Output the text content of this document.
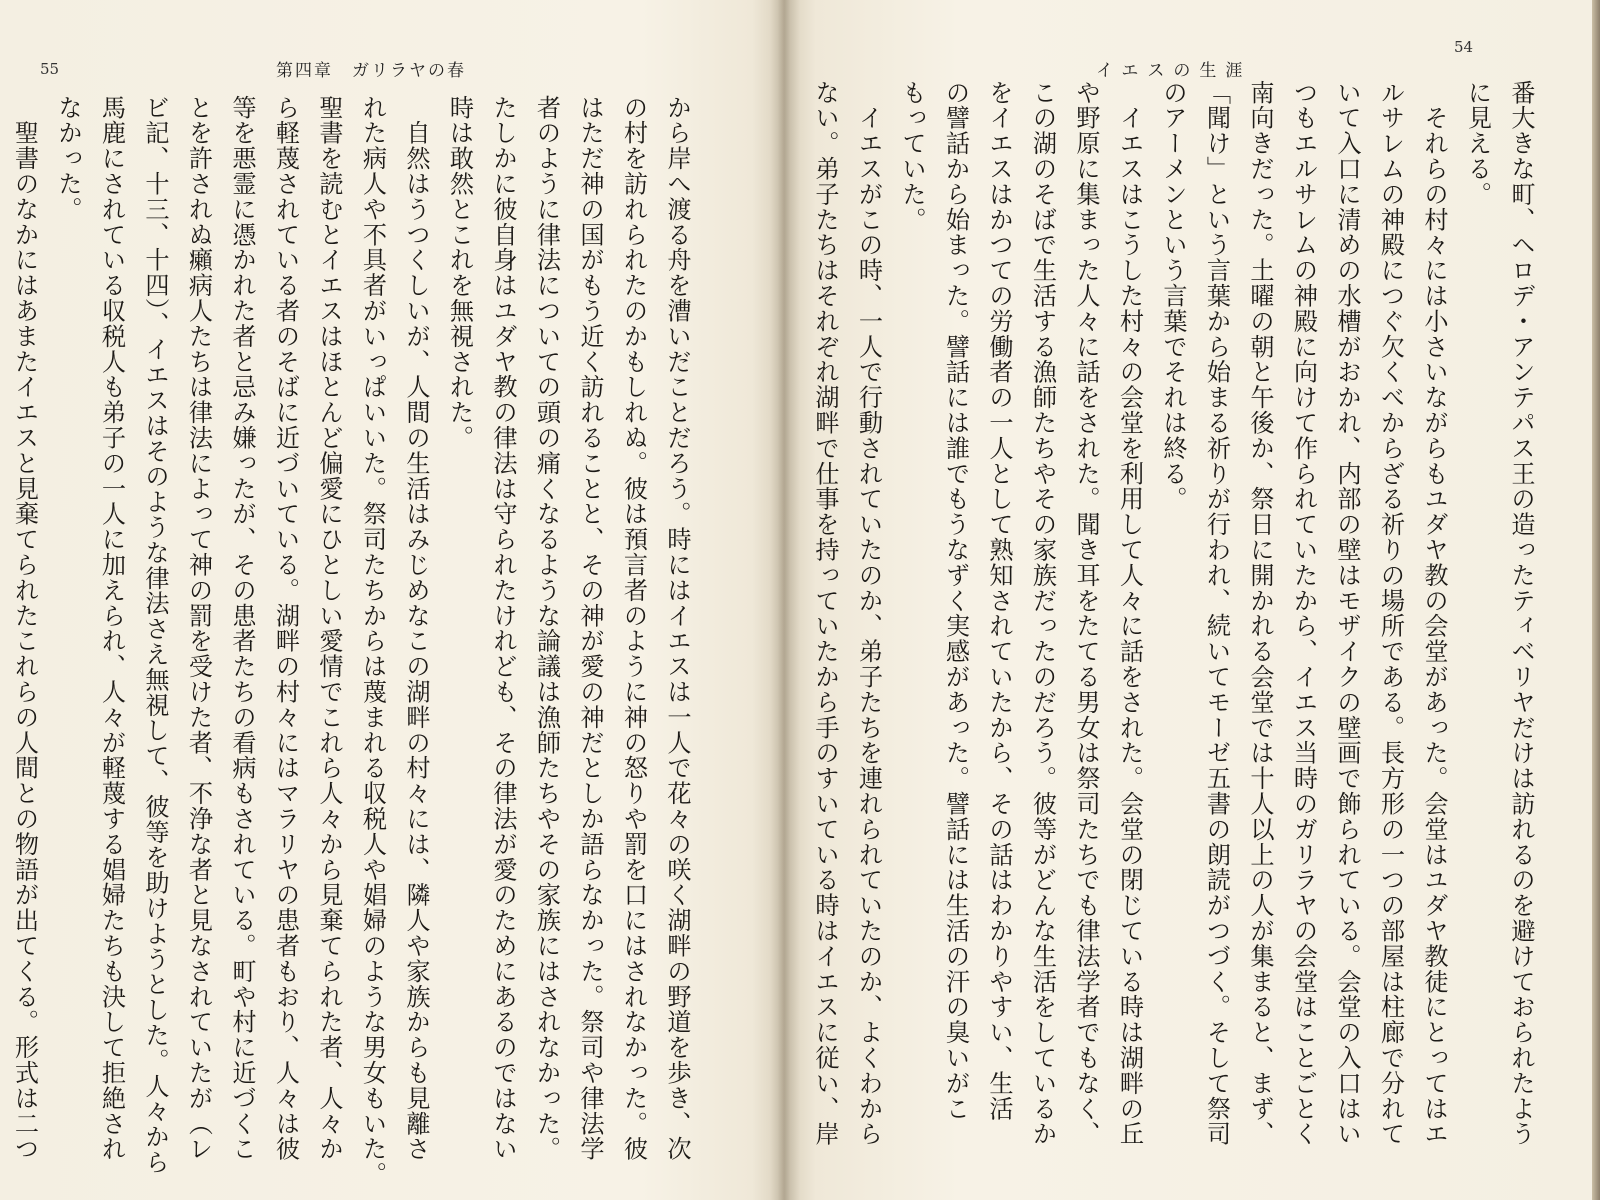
55	第四章　ガリラヤの春
から岸へ渡る舟を漕いだことだろう。時にはイエスは一人で花々の咲く湖畔の野道を歩き、次
の村を訪れられたのかもしれぬ。彼は預言者のように神の怒りや罰を口にはされなかった。彼
はただ神の国がもう近く訪れることと、その神が愛の神だとしか語らなかった。祭司や律法学
者のように律法についての頭の痛くなるような論議は漁師たちやその家族にはされなかった。
たしかに彼自身はユダヤ教の律法は守られたけれども、その律法が愛のためにあるのではない
時は敢然とこれを無視された。
　自然はうつくしいが、人間の生活はみじめなこの湖畔の村々には、隣人や家族からも見離さ
れた病人や不具者がいっぱいいた。祭司たちからは蔑まれる収税人や娼婦のような男女もいた。
聖書を読むとイエスはほとんど偏愛にひとしい愛情でこれら人々から見棄てられた者、人々か
ら軽蔑されている者のそばに近づいている。湖畔の村々にはマラリヤの患者もおり、人々は彼
等を悪霊に憑かれた者と忌み嫌ったが、その患者たちの看病もされている。町や村に近づくこ
とを許されぬ癩病人たちは律法によって神の罰を受けた者、不浄な者と見なされていたが（レ
ビ記、十三、十四）、イエスはそのような律法さえ無視して、彼等を助けようとした。人々から
馬鹿にされている収税人も弟子の一人に加えられ、人々が軽蔑する娼婦たちも決して拒絶され
なかった。
　聖書のなかにはあまたイエスと見棄てられたこれらの人間との物語が出てくる。形式は二つ
イエスの生涯
54
番大きな町、ヘロデ・アンテパス王の造ったティベリヤだけは訪れるのを避けておられたよう
に見える。
　それらの村々には小さいながらもユダヤ教の会堂があった。会堂はユダヤ教徒にとってはエ
ルサレムの神殿につぐ欠くべからざる祈りの場所である。長方形の一つの部屋は柱廊で分れて
いて入口に清めの水槽がおかれ、内部の壁はモザイクの壁画で飾られている。会堂の入口はい
つもエルサレムの神殿に向けて作られていたから、イエス当時のガリラヤの会堂はことごとく
南向きだった。土曜の朝と午後か、祭日に開かれる会堂では十人以上の人が集まると、まず、
「聞け」という言葉から始まる祈りが行われ、続いてモーゼ五書の朗読がつづく。そして祭司
のアーメンという言葉でそれは終る。
　イエスはこうした村々の会堂を利用して人々に話をされた。会堂の閉じている時は湖畔の丘
や野原に集まった人々に話をされた。聞き耳をたてる男女は祭司たちでも律法学者でもなく、
この湖のそばで生活する漁師たちやその家族だったのだろう。彼等がどんな生活をしているか
をイエスはかつての労働者の一人として熟知されていたから、その話はわかりやすい、生活
の譬話から始まった。譬話には誰でもうなずく実感があった。譬話には生活の汗の臭いがこ
もっていた。
　イエスがこの時、一人で行動されていたのか、弟子たちを連れられていたのか、よくわから
ない。弟子たちはそれぞれ湖畔で仕事を持っていたから手のすいている時はイエスに従い、岸
